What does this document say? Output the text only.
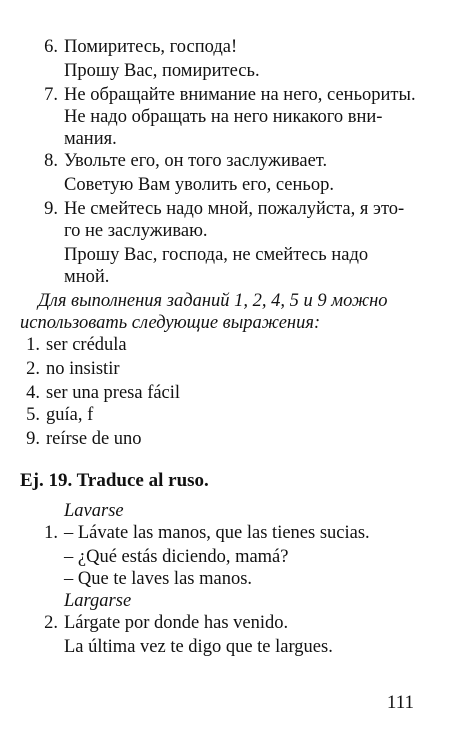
6. Помиритесь, господа!
Прошу Вас, помиритесь.
7. Не обращайте внимание на него, сеньориты.
Не надо обращать на него никакого вни-
мания.
8. Увольте его, он того заслуживает.
Советую Вам уволить его, сеньор.
9. Не смейтесь надо мной, пожалуйста, я это-
го не заслуживаю.
Прошу Вас, господа, не смейтесь надо
мной.
Для выполнения заданий 1, 2, 4, 5 и 9 можно
использовать следующие выражения:
1. ser crédula
2. no insistir
4. ser una presa fácil
5. guía, f
9. reírse de uno
Ej. 19. Traduce al ruso.
Lavarse
1. – Lávate las manos, que las tienes sucias.
– ¿Qué estás diciendo, mamá?
– Que te laves las manos.
Largarse
2. Lárgate por donde has venido.
La última vez te digo que te largues.
111
